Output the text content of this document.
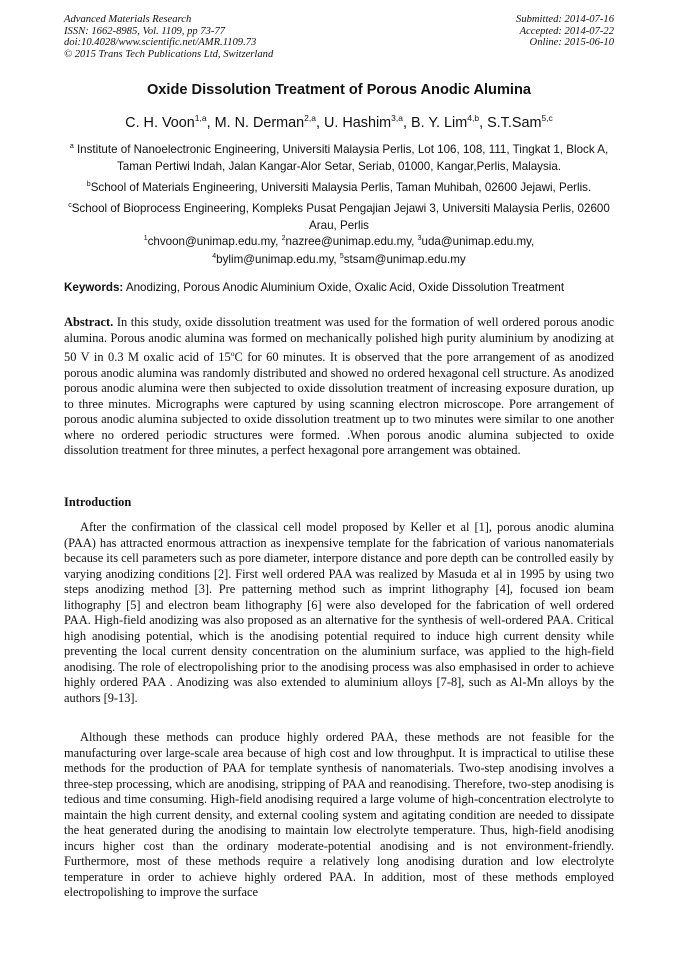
Advanced Materials Research
ISSN: 1662-8985, Vol. 1109, pp 73-77
doi:10.4028/www.scientific.net/AMR.1109.73
© 2015 Trans Tech Publications Ltd, Switzerland
Submitted: 2014-07-16
Accepted: 2014-07-22
Online: 2015-06-10
Oxide Dissolution Treatment of Porous Anodic Alumina
C. H. Voon$^{1,a}$, M. N. Derman$^{2,a}$, U. Hashim$^{3,a}$, B. Y. Lim$^{4,b}$, S.T.Sam$^{5,c}$
$^a$ Institute of Nanoelectronic Engineering, Universiti Malaysia Perlis, Lot 106, 108, 111, Tingkat 1, Block A, Taman Pertiwi Indah, Jalan Kangar-Alor Setar, Seriab, 01000, Kangar,Perlis, Malaysia.
$^b$School of Materials Engineering, Universiti Malaysia Perlis, Taman Muhibah, 02600 Jejawi, Perlis.
$^c$School of Bioprocess Engineering, Kompleks Pusat Pengajian Jejawi 3, Universiti Malaysia Perlis, 02600 Arau, Perlis
$^1$chvoon@unimap.edu.my, $^2$nazree@unimap.edu.my, $^3$uda@unimap.edu.my,
$^4$bylim@unimap.edu.my, $^5$stsam@unimap.edu.my
Keywords: Anodizing, Porous Anodic Aluminium Oxide, Oxalic Acid, Oxide Dissolution Treatment
Abstract. In this study, oxide dissolution treatment was used for the formation of well ordered porous anodic alumina. Porous anodic alumina was formed on mechanically polished high purity aluminium by anodizing at 50 V in 0.3 M oxalic acid of 15$^o$C for 60 minutes. It is observed that the pore arrangement of as anodized porous anodic alumina was randomly distributed and showed no ordered hexagonal cell structure. As anodized porous anodic alumina were then subjected to oxide dissolution treatment of increasing exposure duration, up to three minutes. Micrographs were captured by using scanning electron microscope. Pore arrangement of porous anodic alumina subjected to oxide dissolution treatment up to two minutes were similar to one another where no ordered periodic structures were formed. .When porous anodic alumina subjected to oxide dissolution treatment for three minutes, a perfect hexagonal pore arrangement was obtained.
Introduction

After the confirmation of the classical cell model proposed by Keller et al [1], porous anodic alumina (PAA) has attracted enormous attraction as inexpensive template for the fabrication of various nanomaterials because its cell parameters such as pore diameter, interpore distance and pore depth can be controlled easily by varying anodizing conditions [2]. First well ordered PAA was realized by Masuda et al in 1995 by using two steps anodizing method [3]. Pre patterning method such as imprint lithography [4], focused ion beam lithography [5] and electron beam lithography [6] were also developed for the fabrication of well ordered PAA. High-field anodizing was also proposed as an alternative for the synthesis of well-ordered PAA. Critical high anodising potential, which is the anodising potential required to induce high current density while preventing the local current density concentration on the aluminium surface, was applied to the high-field anodising. The role of electropolishing prior to the anodising process was also emphasised in order to achieve highly ordered PAA . Anodizing was also extended to aluminium alloys [7-8], such as Al-Mn alloys by the authors [9-13].

Although these methods can produce highly ordered PAA, these methods are not feasible for the manufacturing over large-scale area because of high cost and low throughput. It is impractical to utilise these methods for the production of PAA for template synthesis of nanomaterials. Two-step anodising involves a three-step processing, which are anodising, stripping of PAA and reanodising. Therefore, two-step anodising is tedious and time consuming. High-field anodising required a large volume of high-concentration electrolyte to maintain the high current density, and external cooling system and agitating condition are needed to dissipate the heat generated during the anodising to maintain low electrolyte temperature. Thus, high-field anodising incurs higher cost than the ordinary moderate-potential anodising and is not environment-friendly. Furthermore, most of these methods require a relatively long anodising duration and low electrolyte temperature in order to achieve highly ordered PAA. In addition, most of these methods employed electropolishing to improve the surface
